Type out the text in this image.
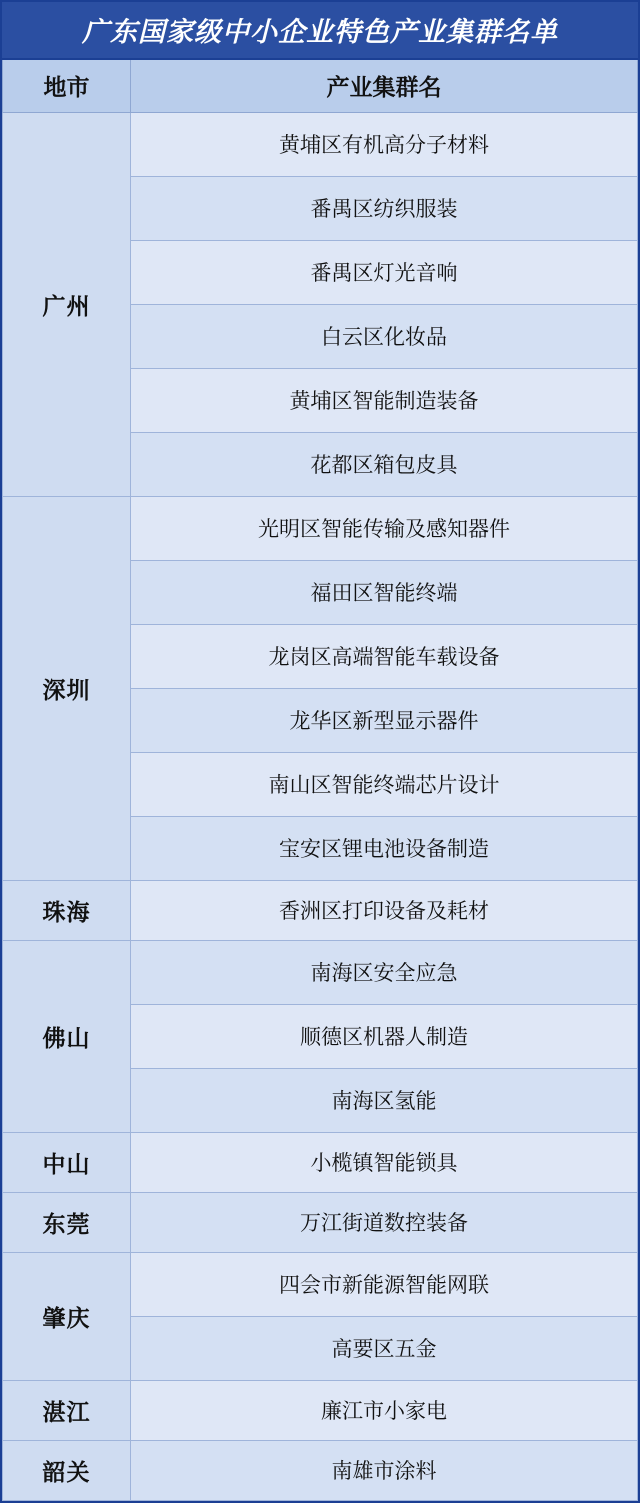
广东国家级中小企业特色产业集群名单
地市	产业集群名
广州	黄埔区有机高分子材料
	番禺区纺织服装
	番禺区灯光音响
	白云区化妆品
	黄埔区智能制造装备
	花都区箱包皮具
深圳	光明区智能传输及感知器件
	福田区智能终端
	龙岗区高端智能车载设备
	龙华区新型显示器件
	南山区智能终端芯片设计
	宝安区锂电池设备制造
珠海	香洲区打印设备及耗材
佛山	南海区安全应急
	顺德区机器人制造
	南海区氢能
中山	小榄镇智能锁具
东莞	万江街道数控装备
肇庆	四会市新能源智能网联
	高要区五金
湛江	廉江市小家电
韶关	南雄市涂料
